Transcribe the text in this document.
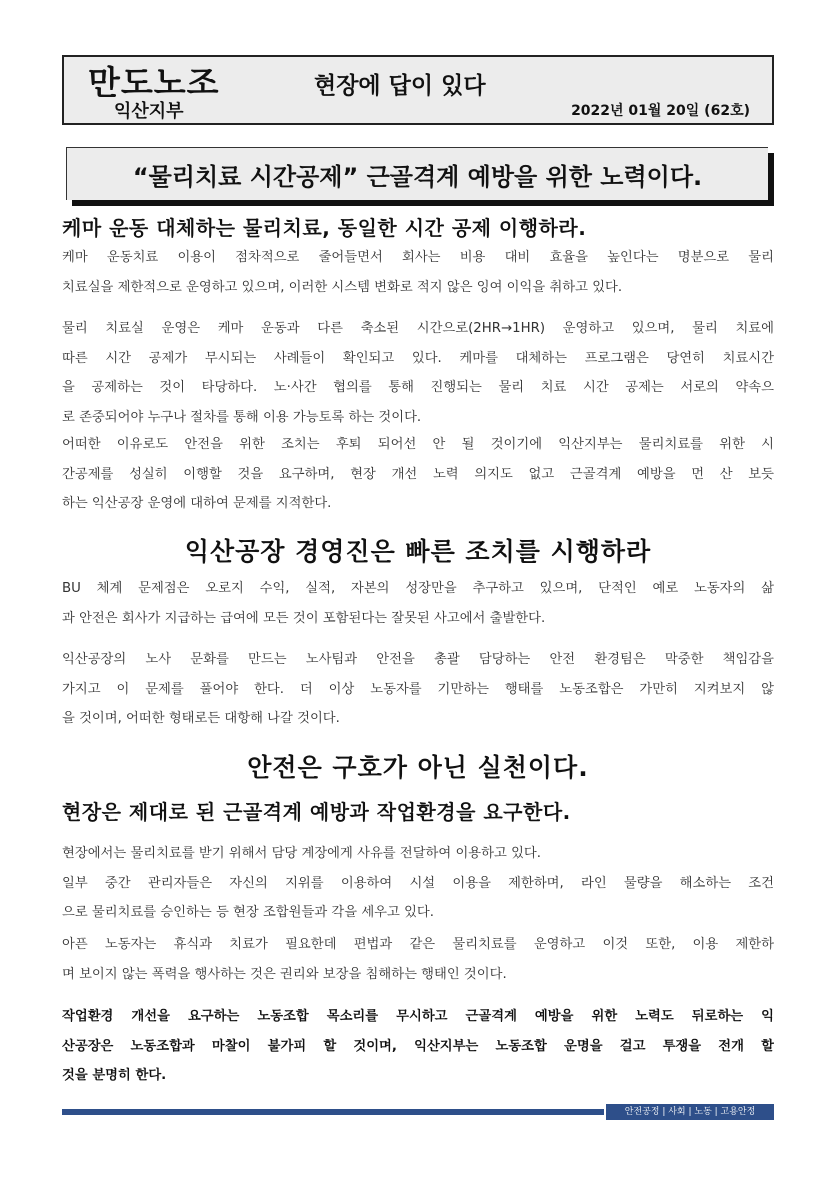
만도노조
익산지부
현장에 답이 있다
2022년 01월 20일 (62호)
“물리치료 시간공제” 근골격계 예방을 위한 노력이다.
케마 운동 대체하는 물리치료, 동일한 시간 공제 이행하라.
케마 운동치료 이용이 점차적으로 줄어들면서 회사는 비용 대비 효율을 높인다는 명분으로 물리
치료실을 제한적으로 운영하고 있으며, 이러한 시스템 변화로 적지 않은 잉여 이익을 취하고 있다.
물리 치료실 운영은 케마 운동과 다른 축소된 시간으로(2HR→1HR) 운영하고 있으며, 물리 치료에
따른 시간 공제가 무시되는 사례들이 확인되고 있다. 케마를 대체하는 프로그램은 당연히 치료시간
을 공제하는 것이 타당하다. 노·사간 협의를 통해 진행되는 물리 치료 시간 공제는 서로의 약속으
로 존중되어야 누구나 절차를 통해 이용 가능토록 하는 것이다.
어떠한 이유로도 안전을 위한 조치는 후퇴 되어선 안 될 것이기에 익산지부는 물리치료를 위한 시
간공제를 성실히 이행할 것을 요구하며, 현장 개선 노력 의지도 없고 근골격계 예방을 먼 산 보듯
하는 익산공장 운영에 대하여 문제를 지적한다.
익산공장 경영진은 빠른 조치를 시행하라
BU 체계 문제점은 오로지 수익, 실적, 자본의 성장만을 추구하고 있으며, 단적인 예로 노동자의 삶
과 안전은 회사가 지급하는 급여에 모든 것이 포함된다는 잘못된 사고에서 출발한다.
익산공장의 노사 문화를 만드는 노사팀과 안전을 총괄 담당하는 안전 환경팀은 막중한 책임감을
가지고 이 문제를 풀어야 한다. 더 이상 노동자를 기만하는 행태를 노동조합은 가만히 지켜보지 않
을 것이며, 어떠한 형태로든 대항해 나갈 것이다.
안전은 구호가 아닌 실천이다.
현장은 제대로 된 근골격계 예방과 작업환경을 요구한다.
현장에서는 물리치료를 받기 위해서 담당 계장에게 사유를 전달하여 이용하고 있다.
일부 중간 관리자들은 자신의 지위를 이용하여 시설 이용을 제한하며, 라인 물량을 해소하는 조건
으로 물리치료를 승인하는 등 현장 조합원들과 각을 세우고 있다.
아픈 노동자는 휴식과 치료가 필요한데 편법과 같은 물리치료를 운영하고 이것 또한, 이용 제한하
며 보이지 않는 폭력을 행사하는 것은 권리와 보장을 침해하는 행태인 것이다.
작업환경 개선을 요구하는 노동조합 목소리를 무시하고 근골격계 예방을 위한 노력도 뒤로하는 익
산공장은 노동조합과 마찰이 불가피 할 것이며, 익산지부는 노동조합 운명을 걸고 투쟁을 전개 할
것을 분명히 한다.
안전공정 | 사회 | 노동 | 고용안정
